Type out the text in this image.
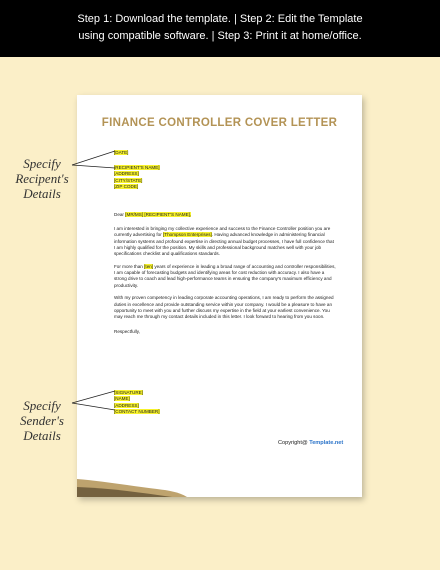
Step 1: Download the template. | Step 2: Edit the Template
using compatible software. | Step 3: Print it at home/office.
FINANCE CONTROLLER COVER LETTER
[DATE]
[RECIPIENT'S NAME]
[ADDRESS]
[CITY/STATE]
[ZIP CODE]
Dear [MR/MS] [RECIPIENT'S NAME],

I am interested in bringing my collective experience and success to the Finance Controller position you are currently advertising for [Thompson Enterprises]. Having advanced knowledge in administering financial information systems and profound expertise in directing annual budget processes, I have full confidence that I am highly qualified for the position. My skills and professional background matches well with your job specifications checklist and qualifications standards.

For more than [ten] years of experience in leading a broad range of accounting and controller responsibilities, I am capable of forecasting budgets and identifying areas for cost reduction with accuracy. I also have a strong drive to coach and lead high-performance teams in ensuring the company's maximum efficiency and productivity.

With my proven competency in leading corporate accounting operations, I am ready to perform the assigned duties in excellence and provide outstanding service within your company. I would be a pleasure to have an opportunity to meet with you and further discuss my expertise in the field at your earliest convenience. You may reach me through my contact details included in this letter. I look forward to hearing from you soon.

Respectfully,

[SIGNATURE]
[NAME]
[ADDRESS]
[CONTACT NUMBER]
Copyright@ Template.net
Specify
Recipent's
Details
Specify
Sender's
Details
